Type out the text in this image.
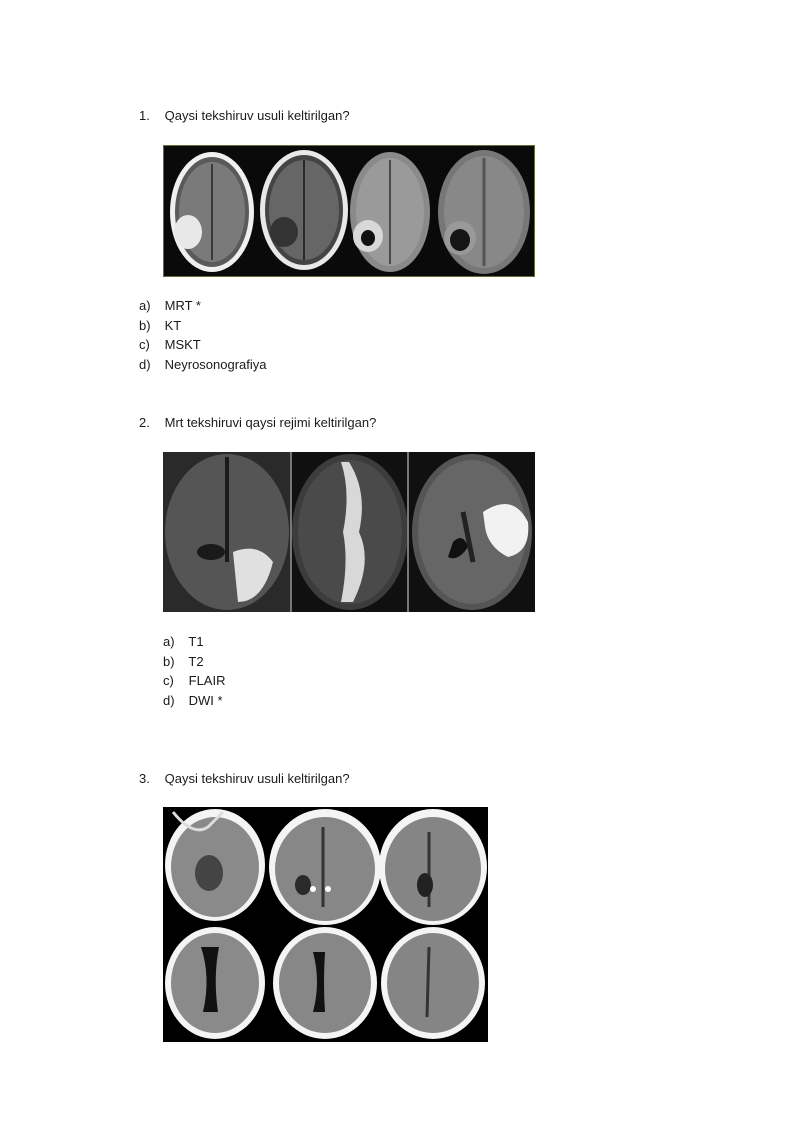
1. Qaysi tekshiruv usuli keltirilgan?
a) MRT *
b) KT
c) MSKT
d) Neyrosonografiya
2. Mrt tekshiruvi qaysi rejimi keltirilgan?
a) T1
b) T2
c) FLAIR
d) DWI *
3. Qaysi tekshiruv usuli keltirilgan?
